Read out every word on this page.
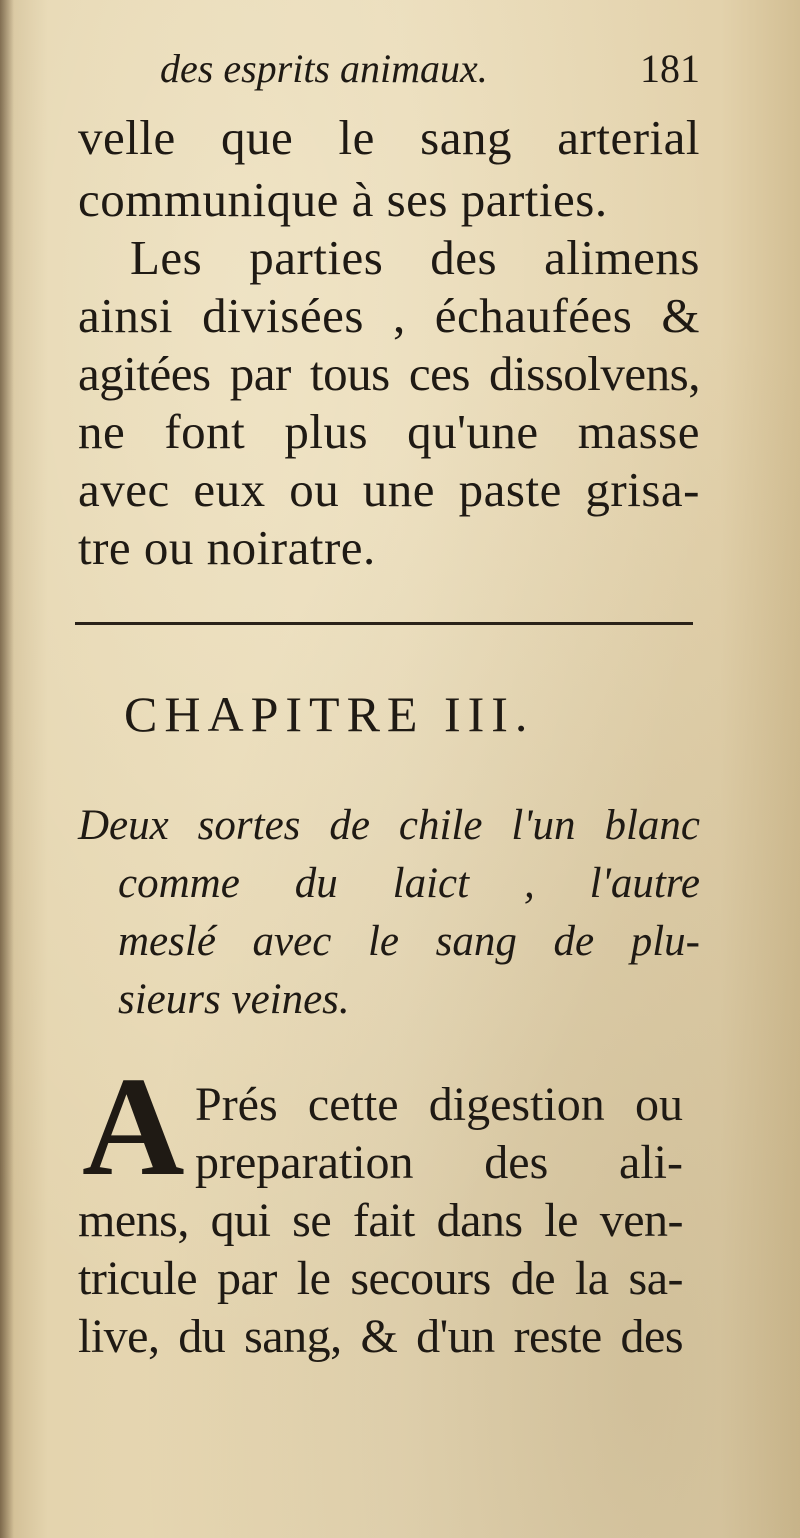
des esprits animaux.	181
velle que le sang arterial
communique à ses parties.
Les parties des alimens
ainsi divisées , échaufées &
agitées par tous ces dissolvens,
ne font plus qu'une masse
avec eux ou une paste grisa-
tre ou noiratre.
CHAPITRE III.
Deux sortes de chile l'un blanc
comme du laict , l'autre
meslé avec le sang de plu-
sieurs veines.
A Prés cette digestion ou
preparation des ali-
mens, qui se fait dans le ven-
tricule par le secours de la sa-
live, du sang, & d'un reste des
